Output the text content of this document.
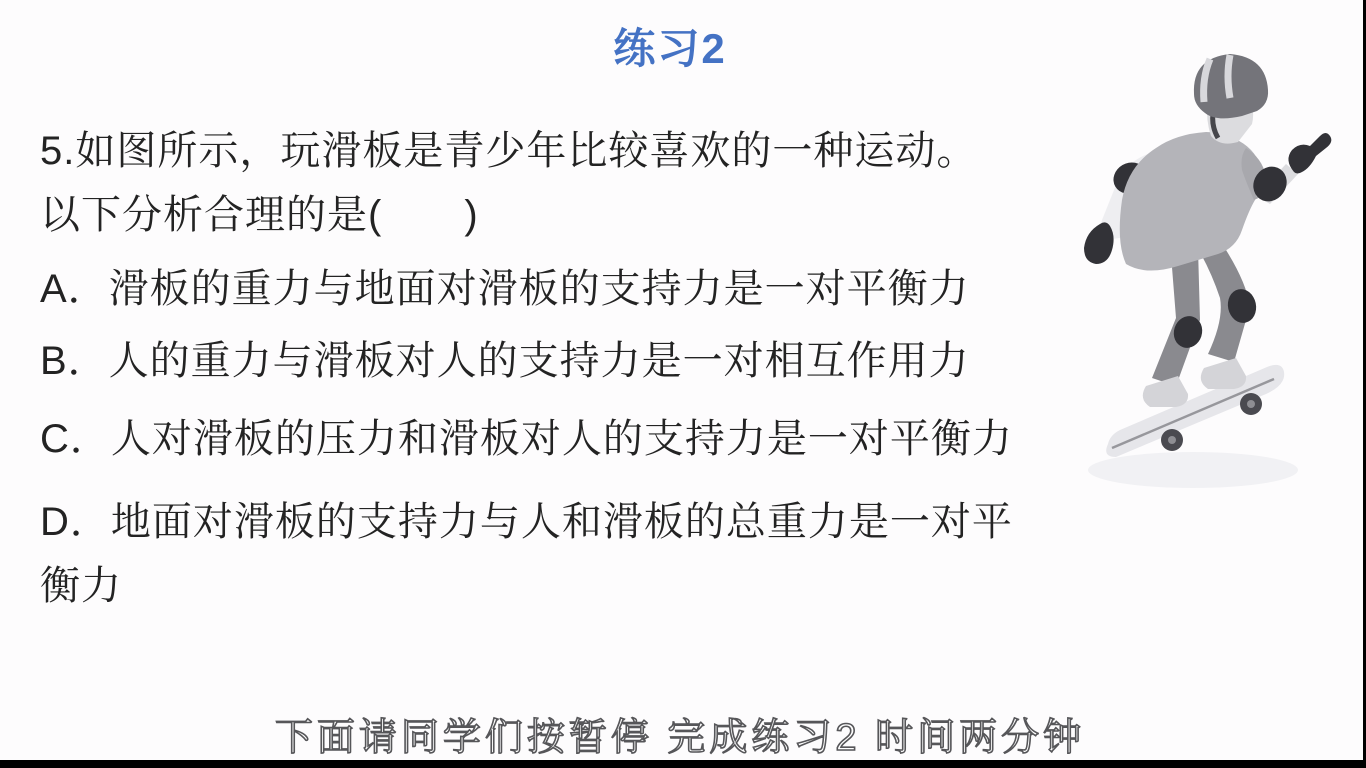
练习2
5.如图所示，玩滑板是青少年比较喜欢的一种运动。
以下分析合理的是(　　)
A．滑板的重力与地面对滑板的支持力是一对平衡力
B．人的重力与滑板对人的支持力是一对相互作用力
C．人对滑板的压力和滑板对人的支持力是一对平衡力
D．地面对滑板的支持力与人和滑板的总重力是一对平衡力
下面请同学们按暂停 完成练习2 时间两分钟
